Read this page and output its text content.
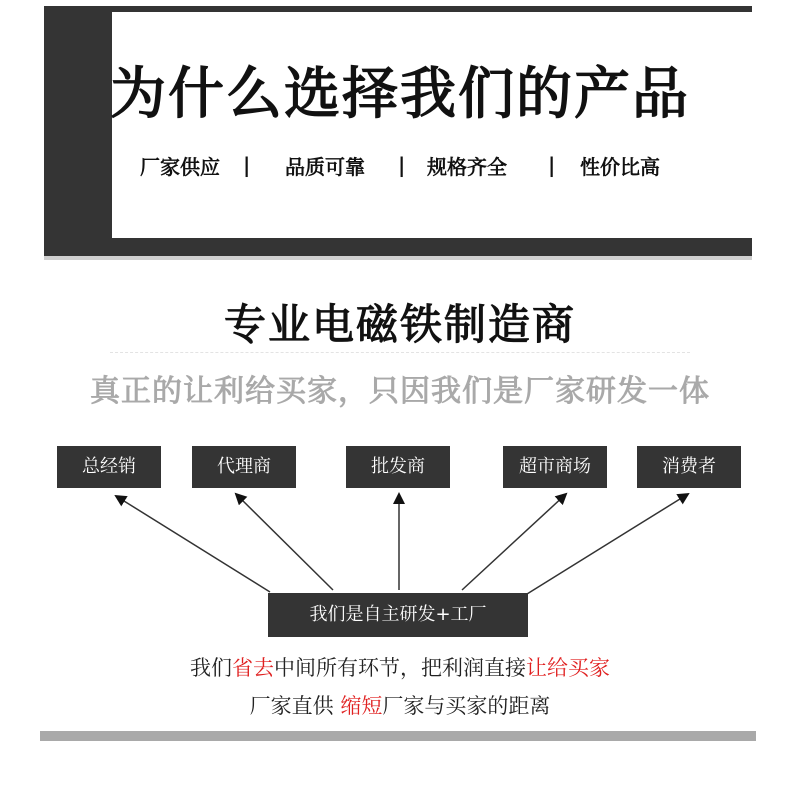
为什么选择我们的产品
厂家供应 | 品质可靠 | 规格齐全 | 性价比高
专业电磁铁制造商
真正的让利给买家，只因我们是厂家研发一体
总经销	代理商	批发商	超市商场	消费者
我们是自主研发+工厂
我们省去中间所有环节，把利润直接让给买家
厂家直供 缩短厂家与买家的距离
